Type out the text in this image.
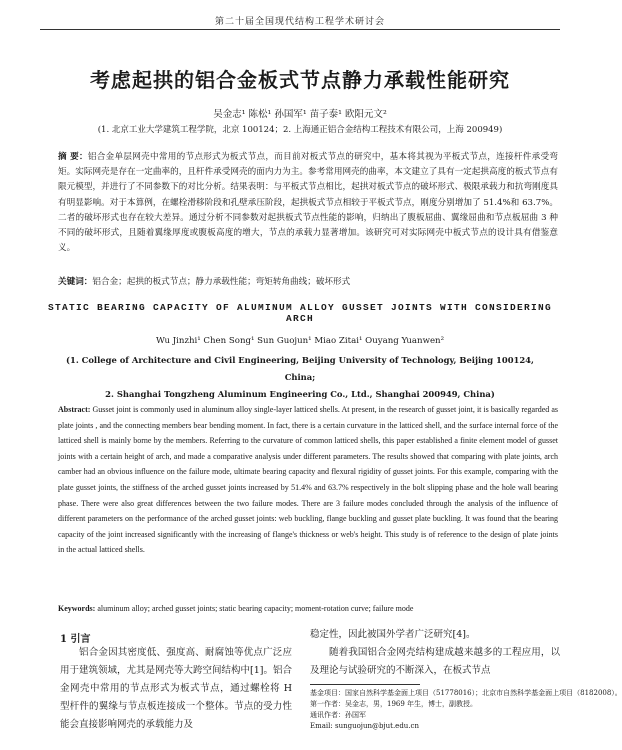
第二十届全国现代结构工程学术研讨会
考虑起拱的铝合金板式节点静力承载性能研究
吴金志¹ 陈松¹ 孙国军¹ 苗子泰¹ 欧阳元文²
(1. 北京工业大学建筑工程学院，北京 100124；2. 上海通正铝合金结构工程技术有限公司，上海 200949)
摘 要：铝合金单层网壳中常用的节点形式为板式节点，而目前对板式节点的研究中，基本将其视为平板式节点，连接杆件承受弯矩。实际网壳是存在一定曲率的，且杆件承受网壳的面内力为主。参考常用网壳的曲率，本文建立了具有一定起拱高度的板式节点有限元模型，并进行了不同参数下的对比分析。结果表明：与平板式节点相比，起拱对板式节点的破坏形式、极限承载力和抗弯刚度具有明显影响。对于本算例，在螺栓滑移阶段和孔壁承压阶段，起拱板式节点相较于平板式节点，刚度分别增加了 51.4%和 63.7%。二者的破坏形式也存在较大差异。通过分析不同参数对起拱板式节点性能的影响，归纳出了腹板屈曲、翼缘屈曲和节点板屈曲 3 种不同的破坏形式，且随着翼缘厚度或腹板高度的增大，节点的承载力显著增加。该研究可对实际网壳中板式节点的设计具有借鉴意义。
关键词：铝合金；起拱的板式节点；静力承载性能；弯矩转角曲线；破坏形式
STATIC BEARING CAPACITY OF ALUMINUM ALLOY GUSSET JOINTS WITH CONSIDERING ARCH
Wu Jinzhi¹ Chen Song¹ Sun Guojun¹ Miao Zitai¹ Ouyang Yuanwen²
(1. College of Architecture and Civil Engineering, Beijing University of Technology, Beijing 100124, China;
2. Shanghai Tongzheng Aluminum Engineering Co., Ltd., Shanghai 200949, China)
Abstract: Gusset joint is commonly used in aluminum alloy single-layer latticed shells. At present, in the research of gusset joint, it is basically regarded as plate joints , and the connecting members bear bending moment. In fact, there is a certain curvature in the latticed shell, and the surface internal force of the latticed shell is mainly borne by the members. Referring to the curvature of common latticed shells, this paper established a finite element model of gusset joints with a certain height of arch, and made a comparative analysis under different parameters. The results showed that comparing with plate joints, arch camber had an obvious influence on the failure mode, ultimate bearing capacity and flexural rigidity of gusset joints. For this example, comparing with the plate gusset joints, the stiffness of the arched gusset joints increased by 51.4% and 63.7% respectively in the bolt slipping phase and the hole wall bearing phase. There were also great differences between the two failure modes. There are 3 failure modes concluded through the analysis of the influence of different parameters on the performance of the arched gusset joints: web buckling, flange buckling and gusset plate buckling. It was found that the bearing capacity of the joint increased significantly with the increasing of flange's thickness or web's height. This study is of reference to the design of plate joints in the actual latticed shells.
Keywords: aluminum alloy; arched gusset joints; static bearing capacity; moment-rotation curve; failure mode
1 引言
铝合金因其密度低、强度高、耐腐蚀等优点广泛应用于建筑领域，尤其是网壳等大跨空间结构中[1]。铝合金网壳中常用的节点形式为板式节点，通过螺栓将 H 型杆件的翼缘与节点板连接成一个整体。节点的受力性能会直接影响网壳的承载能力及

稳定性，因此被国外学者广泛研究[4]。

随着我国铝合金网壳结构建成越来越多的工程应用，以及理论与试验研究的不断深入，在板式节点

基金项目：国家自然科学基金面上项目（51778016）；北京市自然科学基金面上项目（8182008）。
第一作者：吴金志，男，1969 年生，博士，副教授。
通讯作者：孙国军
Email: sunguojun@bjut.edu.cn
